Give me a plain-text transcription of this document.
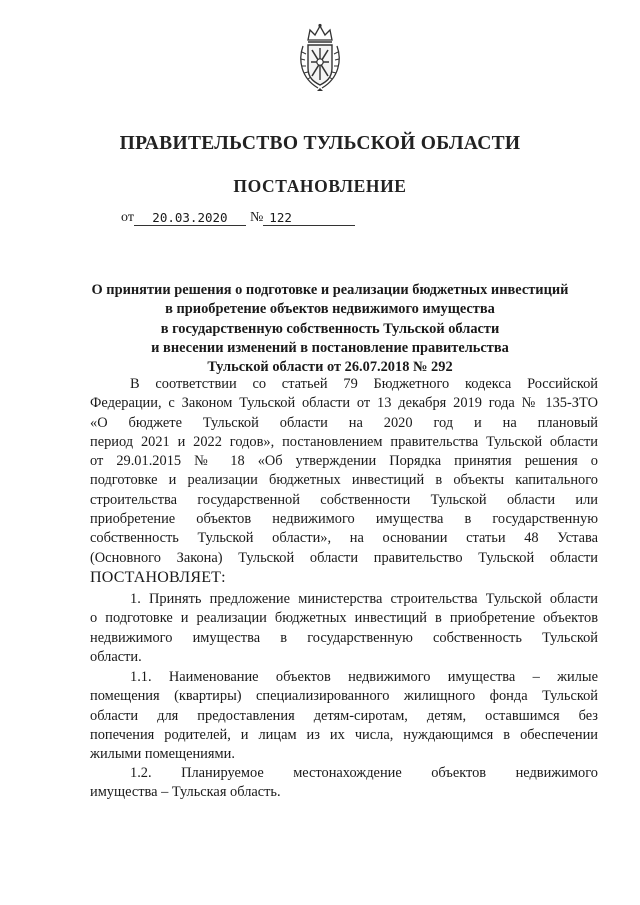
ПРАВИТЕЛЬСТВО ТУЛЬСКОЙ ОБЛАСТИ
ПОСТАНОВЛЕНИЕ
от 20.03.2020 № 122
О принятии решения о подготовке и реализации бюджетных инвестиций
в приобретение объектов недвижимого имущества
в государственную собственность Тульской области
и внесении изменений в постановление правительства
Тульской области от 26.07.2018 № 292
В соответствии со статьей 79 Бюджетного кодекса Российской
Федерации, с Законом Тульской области от 13 декабря 2019 года № 135-ЗТО
«О бюджете Тульской области на 2020 год и на плановый
период 2021 и 2022 годов», постановлением правительства Тульской области
от 29.01.2015 № 18 «Об утверждении Порядка принятия решения о
подготовке и реализации бюджетных инвестиций в объекты капитального
строительства государственной собственности Тульской области или
приобретение объектов недвижимого имущества в государственную
собственность Тульской области», на основании статьи 48 Устава
(Основного Закона) Тульской области правительство Тульской области
ПОСТАНОВЛЯЕТ:
1. Принять предложение министерства строительства Тульской области
о подготовке и реализации бюджетных инвестиций в приобретение объектов
недвижимого имущества в государственную собственность Тульской
области.
1.1. Наименование объектов недвижимого имущества – жилые
помещения (квартиры) специализированного жилищного фонда Тульской
области для предоставления детям-сиротам, детям, оставшимся без
попечения родителей, и лицам из их числа, нуждающимся в обеспечении
жилыми помещениями.
1.2. Планируемое местонахождение объектов недвижимого
имущества – Тульская область.
